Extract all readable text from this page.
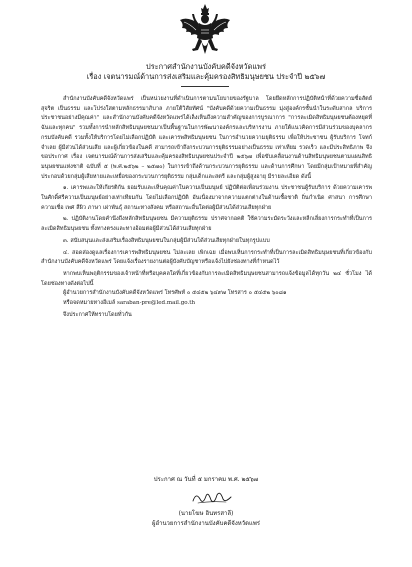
ประกาศสำนักงานบังคับคดีจังหวัดแพร่
เรื่อง เจตนารมณ์ด้านการส่งเสริมและคุ้มครองสิทธิมนุษยชน ประจำปี ๒๕๖๗

สำนักงานบังคับคดีจังหวัดแพร่ เป็นหน่วยงานที่ดำเนินการตามนโยบายของรัฐบาล โดยยึดหลักการปฏิบัติหน้าที่ด้วยความซื่อสัตย์ สุจริต เป็นธรรม และโปร่งใสตามหลักธรรมาภิบาล ภายใต้วิสัยทัศน์ "บังคับคดีด้วยความเป็นธรรม มุ่งสู่องค์กรชั้นนำในระดับสากล บริการประชาชนอย่างมีคุณค่า" และสำนักงานบังคับคดีจังหวัดแพร่ได้เล็งเห็นถึงความสำคัญของการบูรณาการ "การละเมิดสิทธิมนุษยชนต้องหยุดที่ฉันและทุกคน" รวมทั้งการนำหลักสิทธิมนุษยชนมาเป็นพื้นฐานในการพัฒนาองค์กรและบริหารงาน ภายใต้แนวคิดการมีส่วนร่วมของบุคลากรกรมบังคับคดี รวมทั้งให้บริการโดยไม่เลือกปฏิบัติ และเคารพสิทธิมนุษยชน ในการอำนวยความยุติธรรม เพื่อให้ประชาชน ผู้รับบริการ โจทก์ จำเลย ผู้มีส่วนได้ส่วนเสีย และผู้เกี่ยวข้องในคดี สามารถเข้าถึงกระบวนการยุติธรรมอย่างเป็นธรรม เท่าเทียม รวดเร็ว และมีประสิทธิภาพ จึงขอประกาศ เรื่อง เจตนารมณ์ด้านการส่งเสริมและคุ้มครองสิทธิมนุษยชนประจำปี ๒๕๖๗ เพื่อขับเคลื่อนงานด้านสิทธิมนุษยชนตามแผนสิทธิมนุษยชนแห่งชาติ ฉบับที่ ๕ (พ.ศ.๒๕๖๒ – ๒๕๗๐) ในการเข้าถึงด้านกระบวนการยุติธรรม และด้านการศึกษา โดยมีกลุ่มเป้าหมายที่สำคัญ ประกอบด้วยกลุ่มผู้เสียหายและเหยื่อของกระบวนการยุติธรรม กลุ่มเด็กและสตรี และกลุ่มผู้สูงอายุ มีรายละเอียด ดังนี้

๑. เคารพและให้เกียรติกัน ยอมรับและเห็นคุณค่าในความเป็นมนุษย์ ปฏิบัติต่อเพื่อนร่วมงาน ประชาชนผู้รับบริการ ด้วยความเคารพในศักดิ์ศรีความเป็นมนุษย์อย่างเท่าเทียมกัน โดยไม่เลือกปฏิบัติ อันเนื่องมาจากความแตกต่างในด้านเชื้อชาติ ถิ่นกำเนิด ศาสนา การศึกษา ความเชื่อ เพศ สีผิว ภาษา เผ่าพันธุ์ สถานะทางสังคม หรือสถานะอื่นใดต่อผู้มีส่วนได้ส่วนเสียทุกฝ่าย

๒. ปฏิบัติงานโดยคำนึงถึงหลักสิทธิมนุษยชน มีความยุติธรรม ปราศจากอคติ ใช้ความระมัดระวังและหลีกเลี่ยงการกระทำที่เป็นการละเมิดสิทธิมนุษยชน ทั้งทางตรงและทางอ้อมต่อผู้มีส่วนได้ส่วนเสียทุกฝ่าย

๓. สนับสนุนและส่งเสริมเรื่องสิทธิมนุษยชนในกลุ่มผู้มีส่วนได้ส่วนเสียทุกฝ่ายในทุกรูปแบบ

๔. สอดส่องดูแลเรื่องการเคารพสิทธิมนุษยชน ไม่ละเลย เพิกเฉย เมื่อพบเห็นการกระทำที่เป็นการละเมิดสิทธิมนุษยชนที่เกี่ยวข้องกับสำนักงานบังคับคดีจังหวัดแพร่ โดยแจ้งเรื่องรายงานต่อผู้บังคับบัญชาหรือแจ้งไปยังช่องทางที่กำหนดไว้

หากพบเห็นพฤติกรรมของเจ้าหน้าที่หรือบุคคลใดที่เกี่ยวข้องกับการละเมิดสิทธิมนุษยชนสามารถแจ้งข้อมูลได้ทุกวัน ๒๔ ชั่วโมง ได้โดยช่องทางดังต่อไปนี้

ผู้อำนวยการสำนักงานบังคับคดีจังหวัดแพร่ โทรศัพท์ ๐ ๕๔๕๒ ๖๔๙๗ โทรสาร ๐ ๕๔๕๒ ๖๐๘๑

หรือจดหมายทางอีเมล์ saraban-pre@led.mail.go.th

จึงประกาศให้ทราบโดยทั่วกัน

ประกาศ ณ วันที่ ๕ มกราคม พ.ศ. ๒๕๖๗
(นายโฆษ อินทรสาลี)
ผู้อำนวยการสำนักงานบังคับคดีจังหวัดแพร่
